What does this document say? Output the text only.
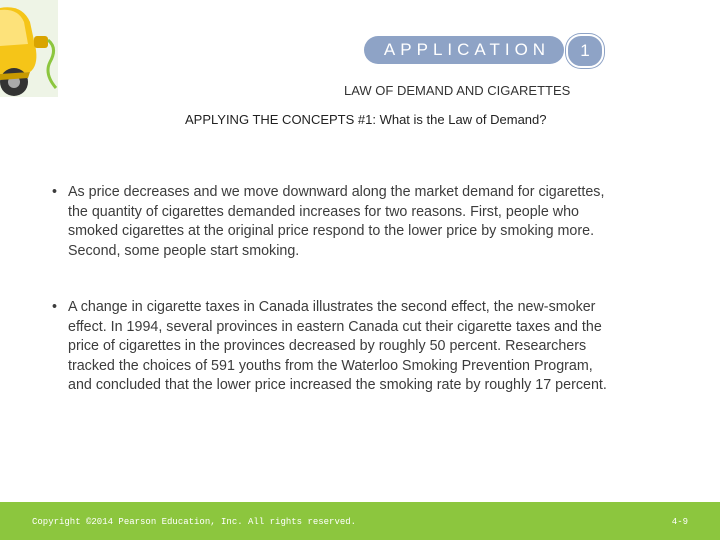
APPLICATION	1
LAW OF DEMAND AND CIGARETTES
APPLYING THE CONCEPTS #1: What is the Law of Demand?
• As price decreases and we move downward along the market demand for cigarettes, the quantity of cigarettes demanded increases for two reasons. First, people who smoked cigarettes at the original price respond to the lower price by smoking more. Second, some people start smoking.
• A change in cigarette taxes in Canada illustrates the second effect, the new-smoker effect. In 1994, several provinces in eastern Canada cut their cigarette taxes and the price of cigarettes in the provinces decreased by roughly 50 percent. Researchers tracked the choices of 591 youths from the Waterloo Smoking Prevention Program, and concluded that the lower price increased the smoking rate by roughly 17 percent.
Copyright ©2014 Pearson Education, Inc. All rights reserved.	4-9
